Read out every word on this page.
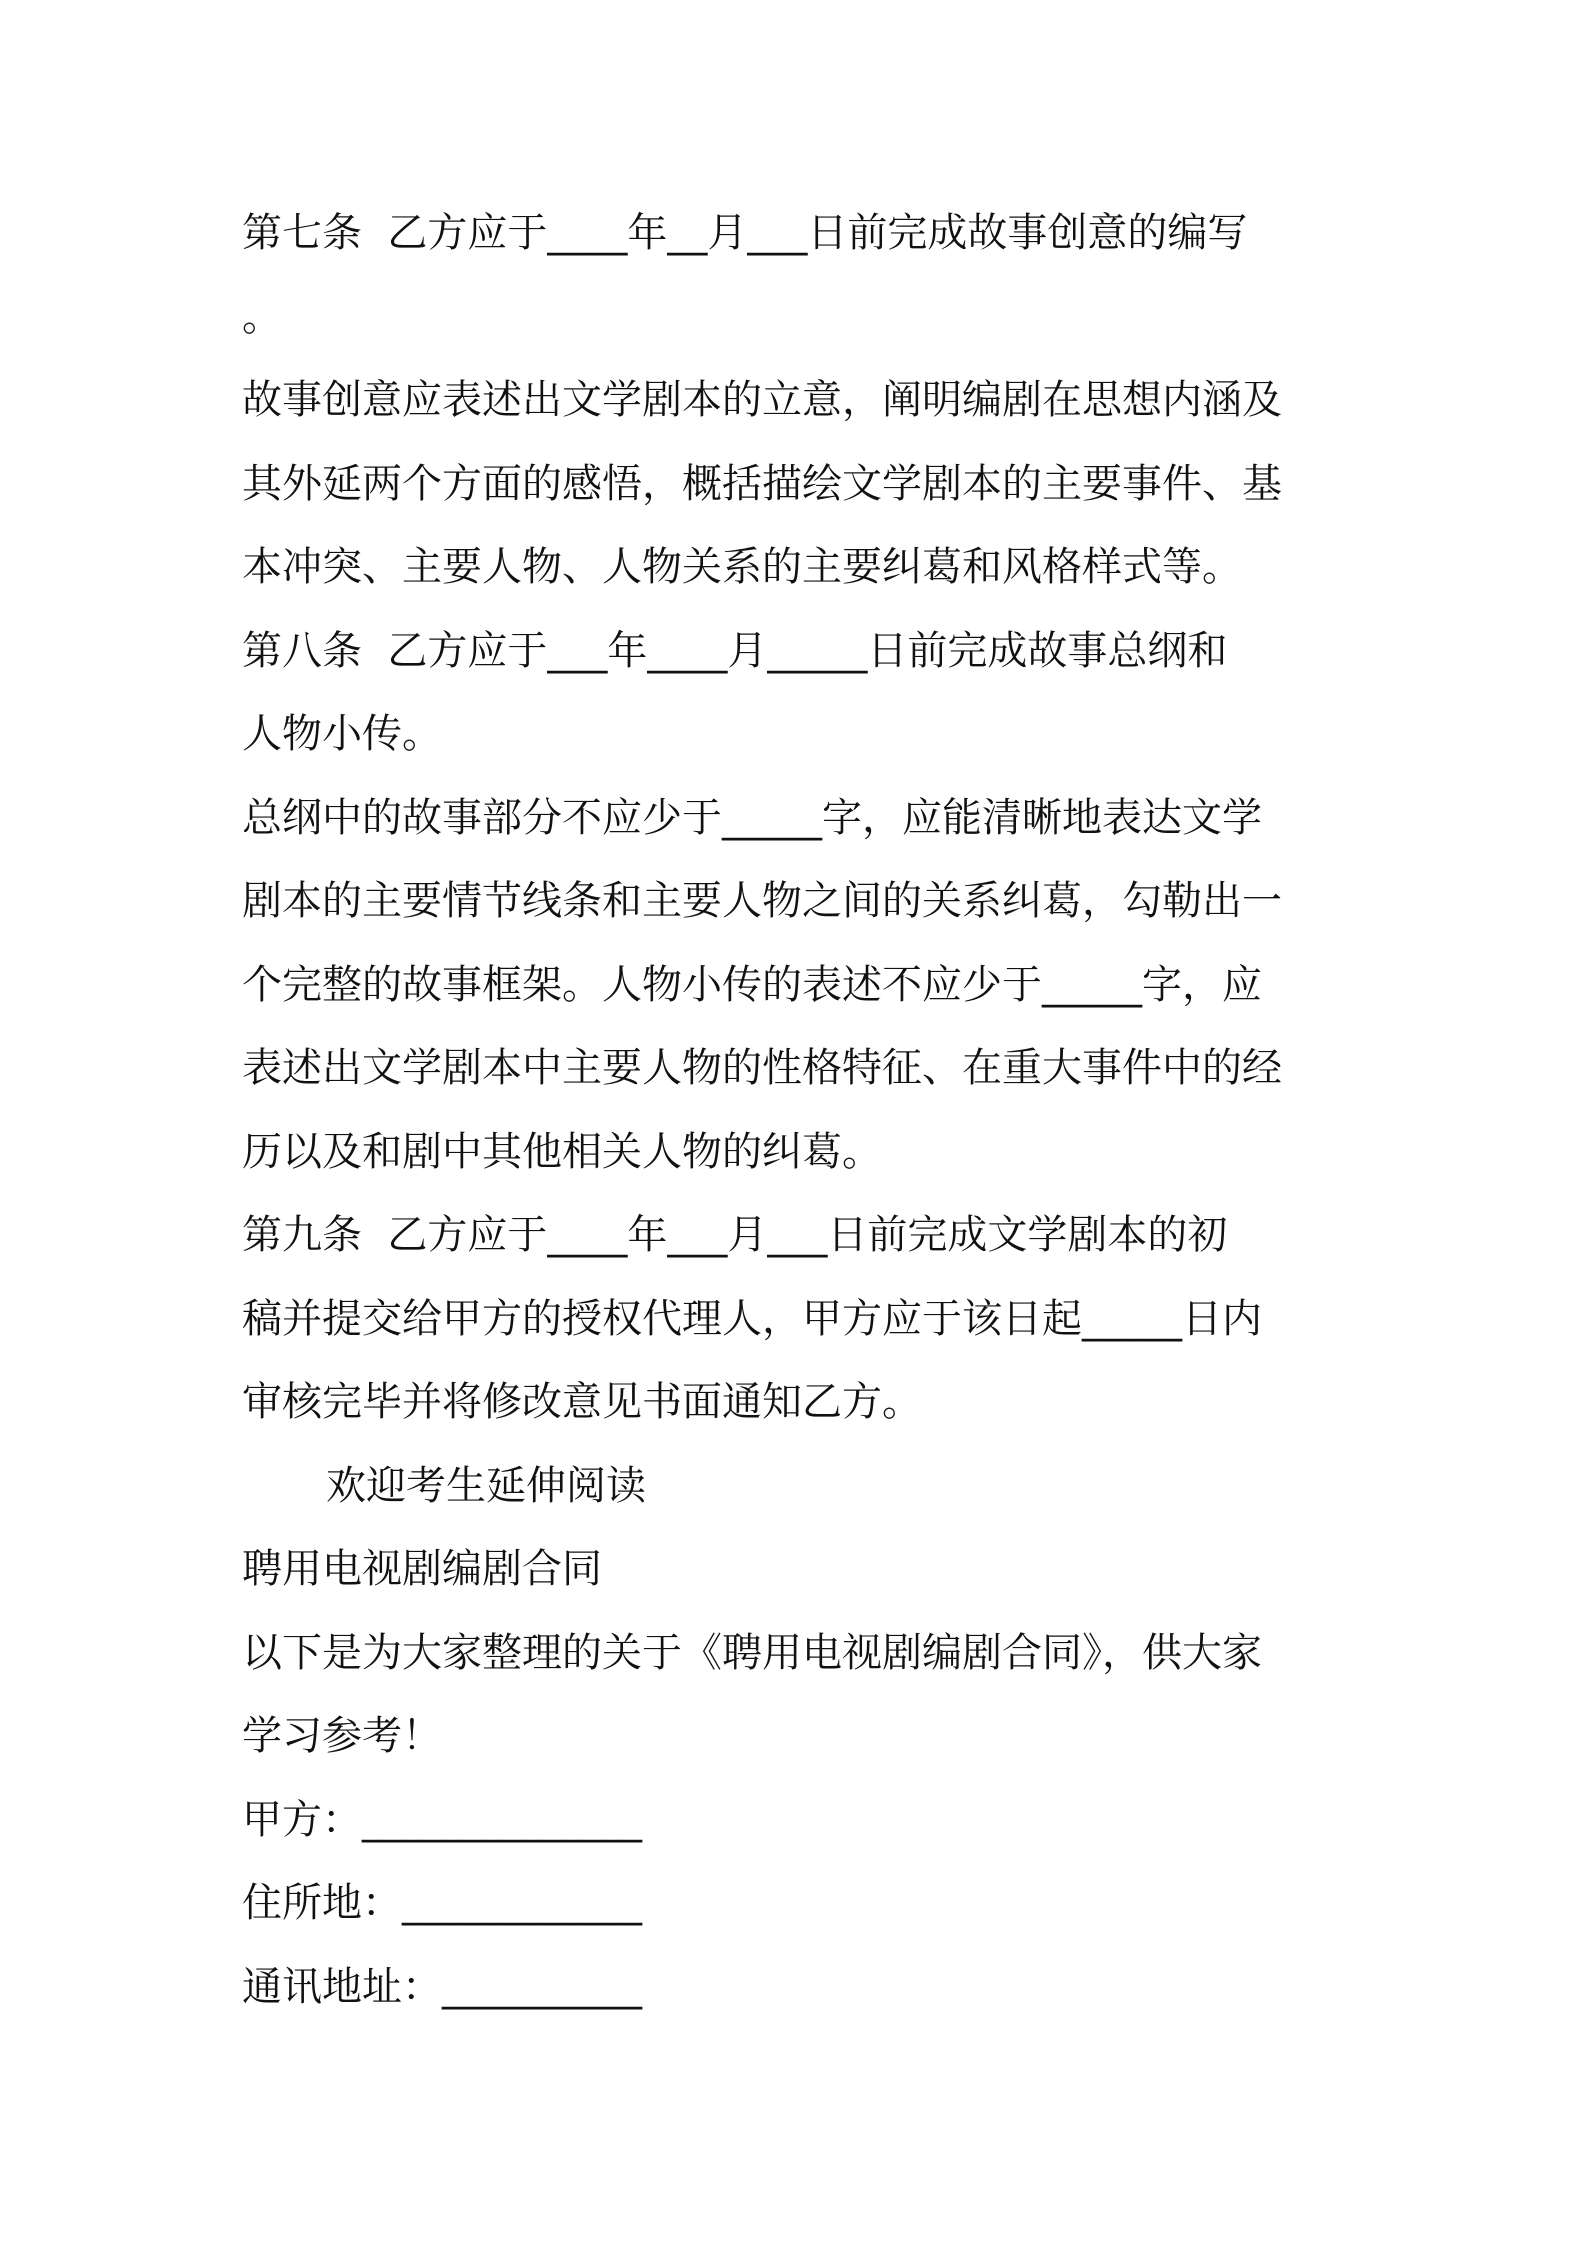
第七条  乙方应于____年__月___日前完成故事创意的编写
。
故事创意应表述出文学剧本的立意，阐明编剧在思想内涵及
其外延两个方面的感悟，概括描绘文学剧本的主要事件、基
本冲突、主要人物、人物关系的主要纠葛和风格样式等。
第八条  乙方应于___年____月_____日前完成故事总纲和
人物小传。
总纲中的故事部分不应少于_____字，应能清晰地表达文学
剧本的主要情节线条和主要人物之间的关系纠葛，勾勒出一
个完整的故事框架。人物小传的表述不应少于_____字，应
表述出文学剧本中主要人物的性格特征、在重大事件中的经
历以及和剧中其他相关人物的纠葛。
第九条  乙方应于____年___月___日前完成文学剧本的初
稿并提交给甲方的授权代理人，甲方应于该日起_____日内
审核完毕并将修改意见书面通知乙方。
欢迎考生延伸阅读
聘用电视剧编剧合同
以下是为大家整理的关于《聘用电视剧编剧合同》，供大家
学习参考！
甲方：______________
住所地：____________
通讯地址：__________
